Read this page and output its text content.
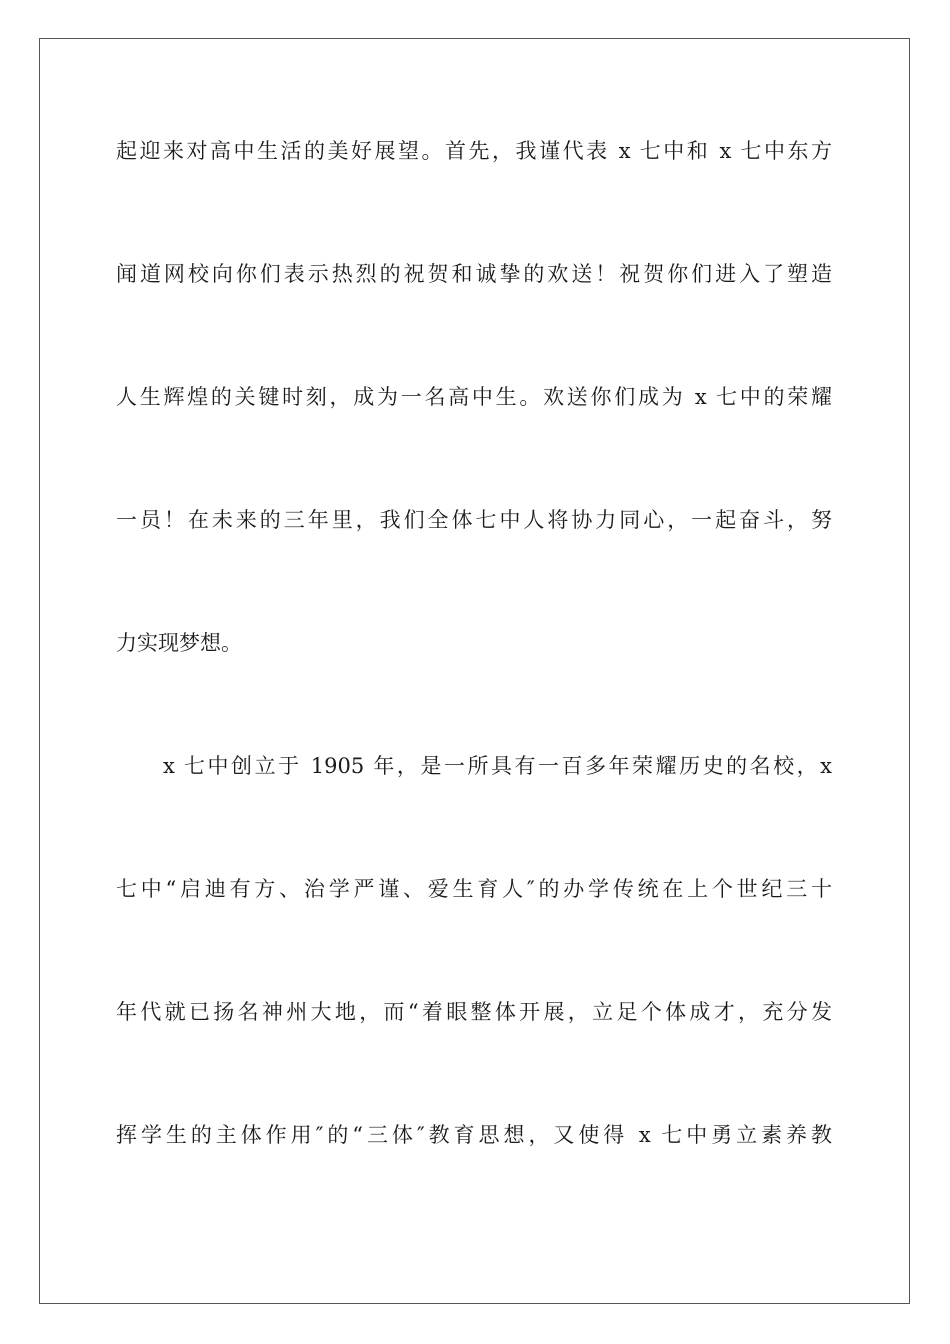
起迎来对高中生活的美好展望。首先，我谨代表 x 七中和 x 七中东方
闻道网校向你们表示热烈的祝贺和诚挚的欢送！祝贺你们进入了塑造
人生辉煌的关键时刻，成为一名高中生。欢送你们成为 x 七中的荣耀
一员！在未来的三年里，我们全体七中人将协力同心，一起奋斗，努
力实现梦想。
x 七中创立于 1905 年，是一所具有一百多年荣耀历史的名校，x
七中“启迪有方、治学严谨、爱生育人″的办学传统在上个世纪三十
年代就已扬名神州大地，而“着眼整体开展，立足个体成才，充分发
挥学生的主体作用″的“三体″教育思想，又使得 x 七中勇立素养教
